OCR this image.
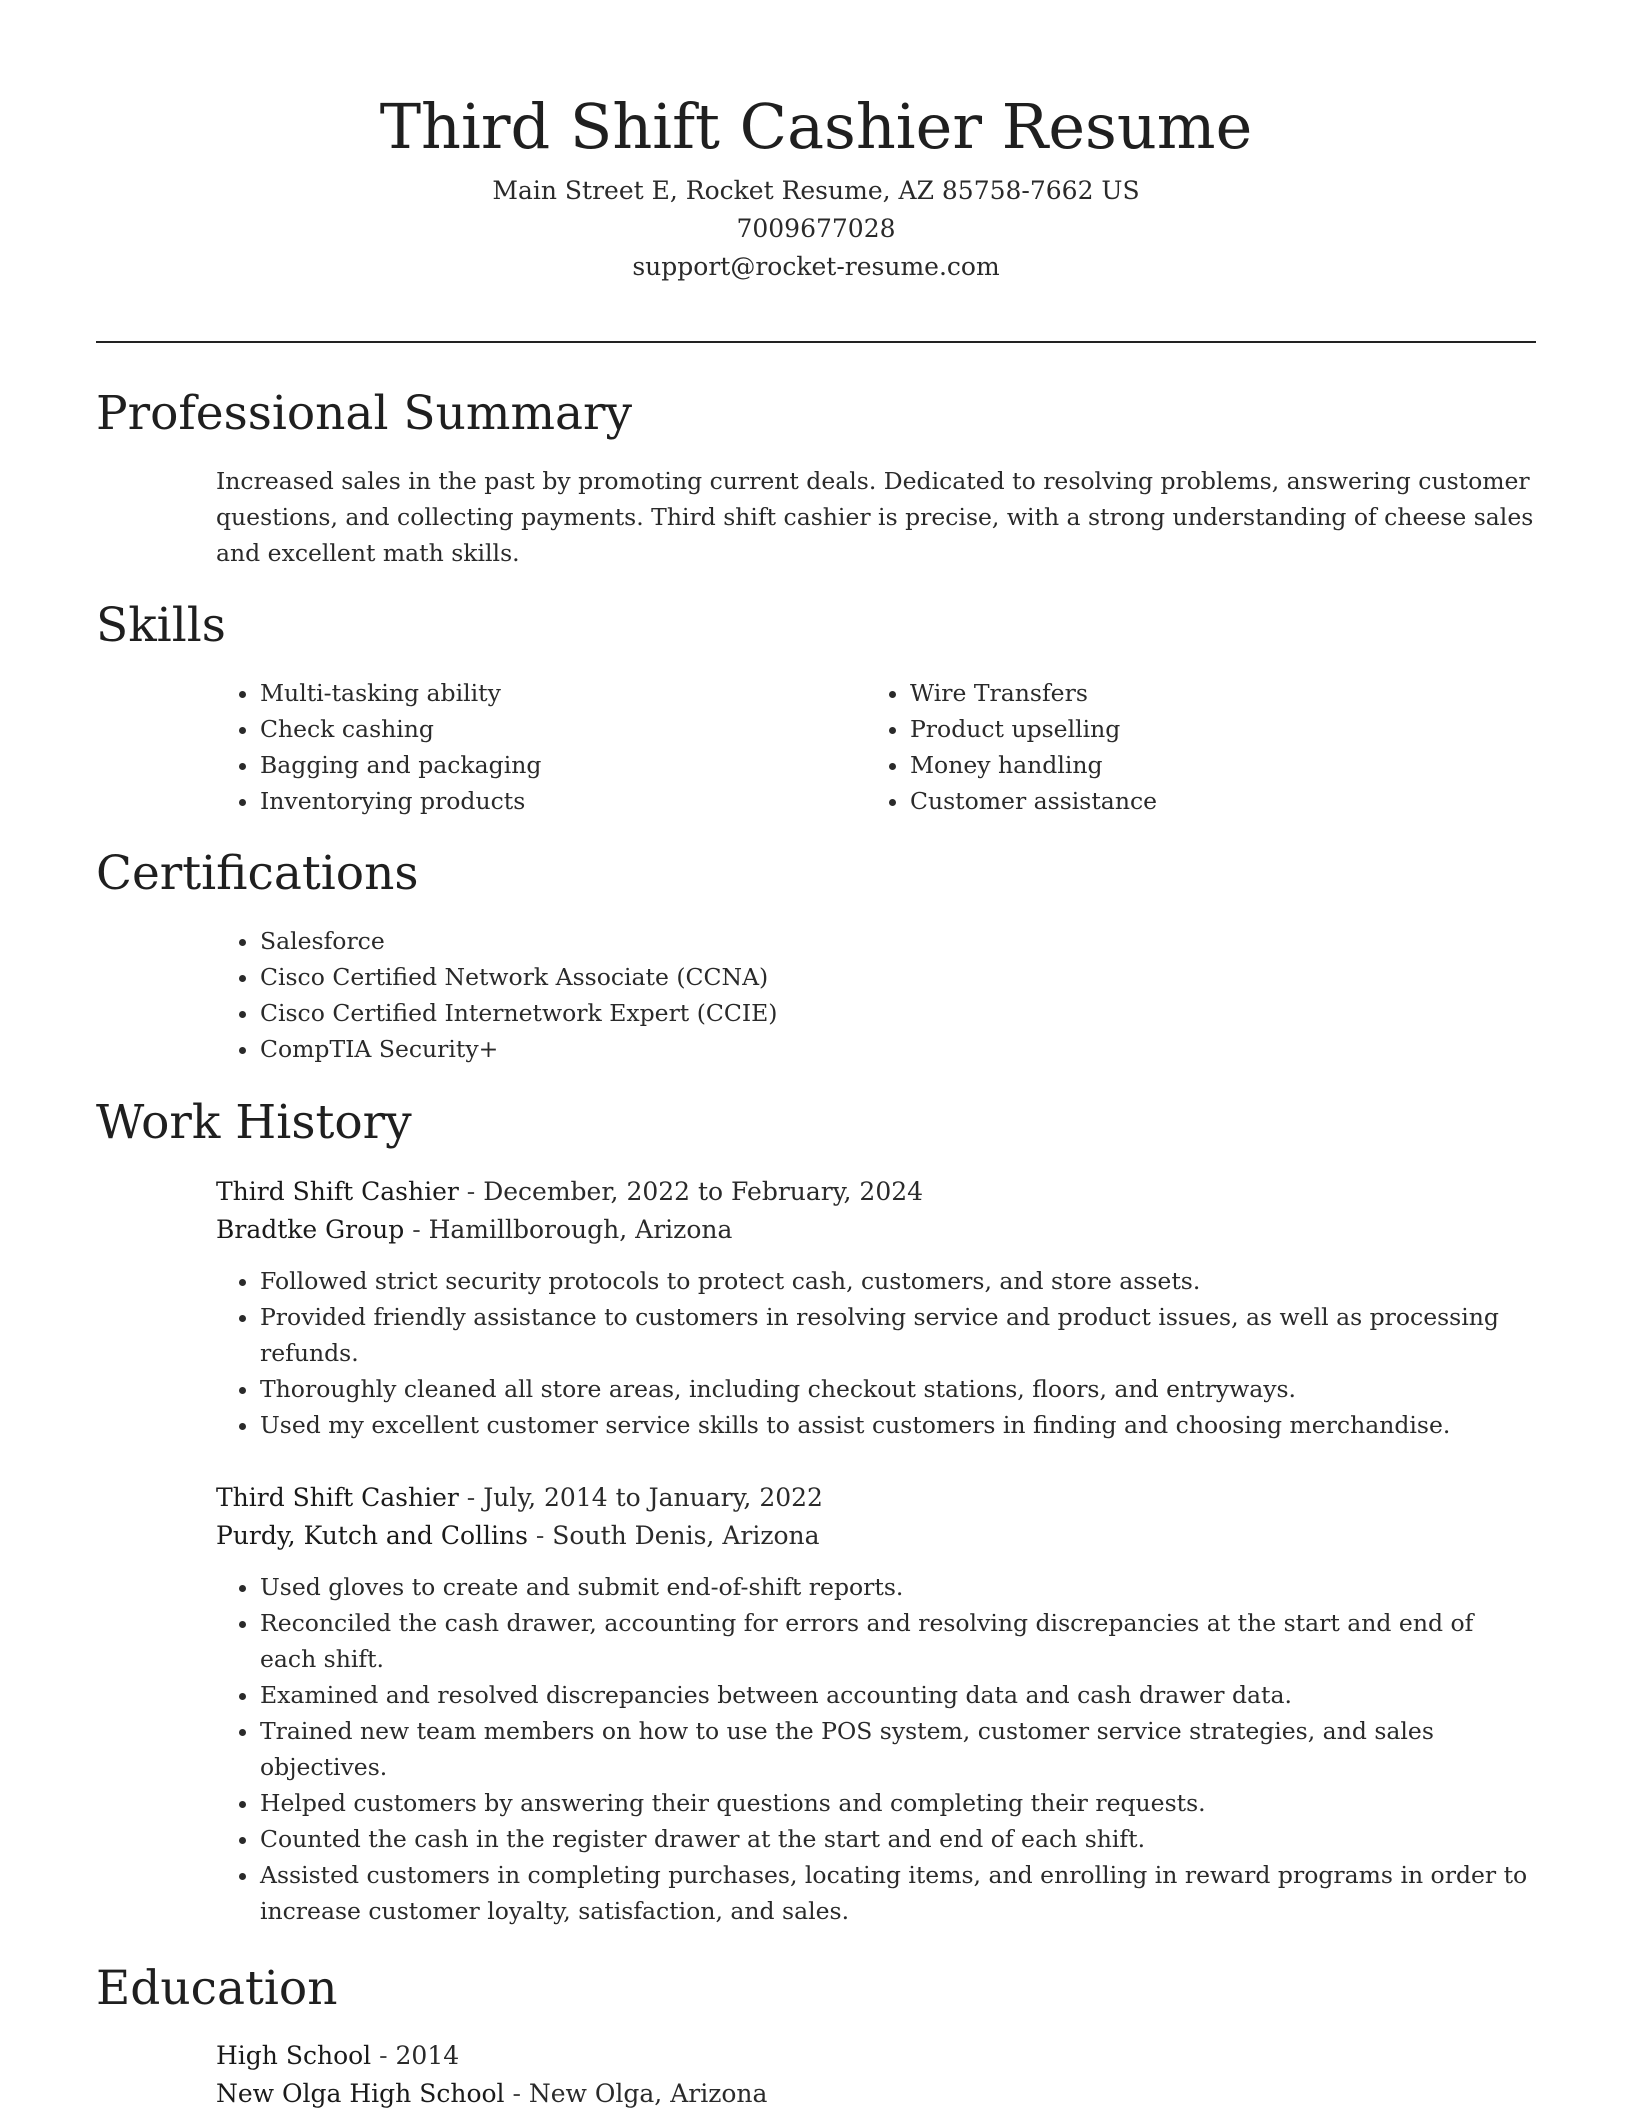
Third Shift Cashier Resume

Main Street E, Rocket Resume, AZ 85758-7662 US

7009677028

support@rocket-resume.com

Professional Summary

Increased sales in the past by promoting current deals. Dedicated to resolving problems, answering customer questions, and collecting payments. Third shift cashier is precise, with a strong understanding of cheese sales and excellent math skills.

Skills
• Multi-tasking ability
• Check cashing
• Bagging and packaging
• Inventorying products
• Wire Transfers
• Product upselling
• Money handling
• Customer assistance
Certifications
• Salesforce
• Cisco Certified Network Associate (CCNA)
• Cisco Certified Internetwork Expert (CCIE)
• CompTIA Security+
Work History

Third Shift Cashier - December, 2022 to February, 2024

Bradtke Group - Hamillborough, Arizona

• Followed strict security protocols to protect cash, customers, and store assets.
• Provided friendly assistance to customers in resolving service and product issues, as well as processing refunds.
• Thoroughly cleaned all store areas, including checkout stations, floors, and entryways.
• Used my excellent customer service skills to assist customers in finding and choosing merchandise.

Third Shift Cashier - July, 2014 to January, 2022

Purdy, Kutch and Collins - South Denis, Arizona

• Used gloves to create and submit end-of-shift reports.
• Reconciled the cash drawer, accounting for errors and resolving discrepancies at the start and end of each shift.
• Examined and resolved discrepancies between accounting data and cash drawer data.
• Trained new team members on how to use the POS system, customer service strategies, and sales objectives.
• Helped customers by answering their questions and completing their requests.
• Counted the cash in the register drawer at the start and end of each shift.
• Assisted customers in completing purchases, locating items, and enrolling in reward programs in order to increase customer loyalty, satisfaction, and sales.
Education

High School - 2014

New Olga High School - New Olga, Arizona
